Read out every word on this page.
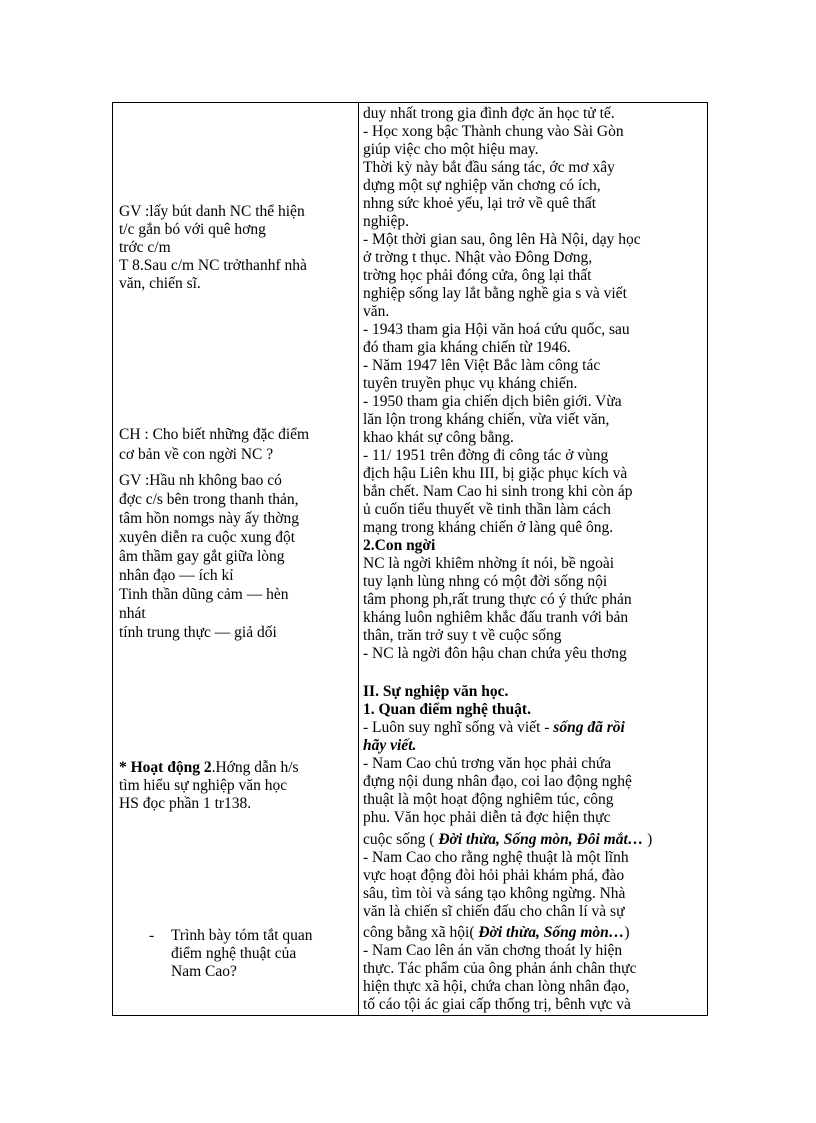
GV :lấy bút danh NC thể hiện
t/c gắn bó với quê hơng
trớc c/m
T 8.Sau c/m NC trởthanhf nhà
văn, chiến sĩ.
CH : Cho biết những đặc điểm
cơ bản về con ngời NC ?
GV :Hầu nh không bao có
đợc c/s bên trong thanh thản,
tâm hồn nomgs này ấy thờng
xuyên diễn ra cuộc xung đột
âm thầm gay gắt giữa lòng
nhân đạo — ích kỉ
Tinh thần dũng cảm — hèn
nhát
tính trung thực — giả dối
* Hoạt động 2.Hớng dẫn h/s
tìm hiểu sự nghiệp văn học
HS đọc phần 1 tr138.
- Trình bày tóm tắt quan
điểm nghệ thuật của
Nam Cao?
duy nhất trong gia đình đợc ăn học tử tế.
- Học xong bậc Thành chung vào Sài Gòn
giúp việc cho một hiệu may.
Thời kỳ này bắt đầu sáng tác, ớc mơ xây
dựng một sự nghiệp văn chơng có ích,
nhng sức khoẻ yếu, lại trở về quê thất
nghiệp.
- Một thời gian sau, ông lên Hà Nội, dạy học
ở trờng t thục. Nhật vào Đông Dơng,
trờng học phải đóng cửa, ông lại thất
nghiệp sống lay lắt bằng nghề gia s và viết
văn.
- 1943 tham gia Hội văn hoá cứu quốc, sau
đó tham gia kháng chiến từ 1946.
- Năm 1947 lên Việt Bắc làm công tác
tuyên truyền phục vụ kháng chiến.
- 1950 tham gia chiến dịch biên giới. Vừa
lăn lộn trong kháng chiến, vừa viết văn,
khao khát sự công bằng.
- 11/ 1951 trên đờng đi công tác ở vùng
địch hậu Liên khu III, bị giặc phục kích và
bắn chết. Nam Cao hi sinh trong khi còn áp
ủ cuốn tiểu thuyết về tinh thần làm cách
mạng trong kháng chiến ở làng quê ông.
2.Con ngời
NC là ngời khiêm nhờng ít nói, bề ngoài
tuy lạnh lùng nhng có một đời sống nội
tâm phong ph,rất trung thực có ý thức phản
kháng luôn nghiêm khắc đấu tranh với bản
thân, trăn trở suy t về cuộc sống
- NC là ngời đôn hậu chan chứa yêu thơng
II. Sự nghiệp văn học.
1. Quan điểm nghệ thuật.
- Luôn suy nghĩ sống và viết - sống đã rồi
hãy viết.
- Nam Cao chủ trơng văn học phải chứa
đựng nội dung nhân đạo, coi lao động nghệ
thuật là một hoạt động nghiêm túc, công
phu. Văn học phải diễn tả đợc hiện thực
cuộc sống ( Đời thừa, Sống mòn, Đôi mắt… )
- Nam Cao cho rằng nghệ thuật là một lĩnh
vực hoạt động đòi hỏi phải khám phá, đào
sâu, tìm tòi và sáng tạo không ngừng. Nhà
văn là chiến sĩ chiến đấu cho chân lí và sự
công bằng xã hội( Đời thừa, Sống mòn…)
- Nam Cao lên án văn chơng thoát ly hiện
thực. Tác phẩm của ông phản ánh chân thực
hiện thực xã hội, chứa chan lòng nhân đạo,
tố cáo tội ác giai cấp thống trị, bênh vực và
